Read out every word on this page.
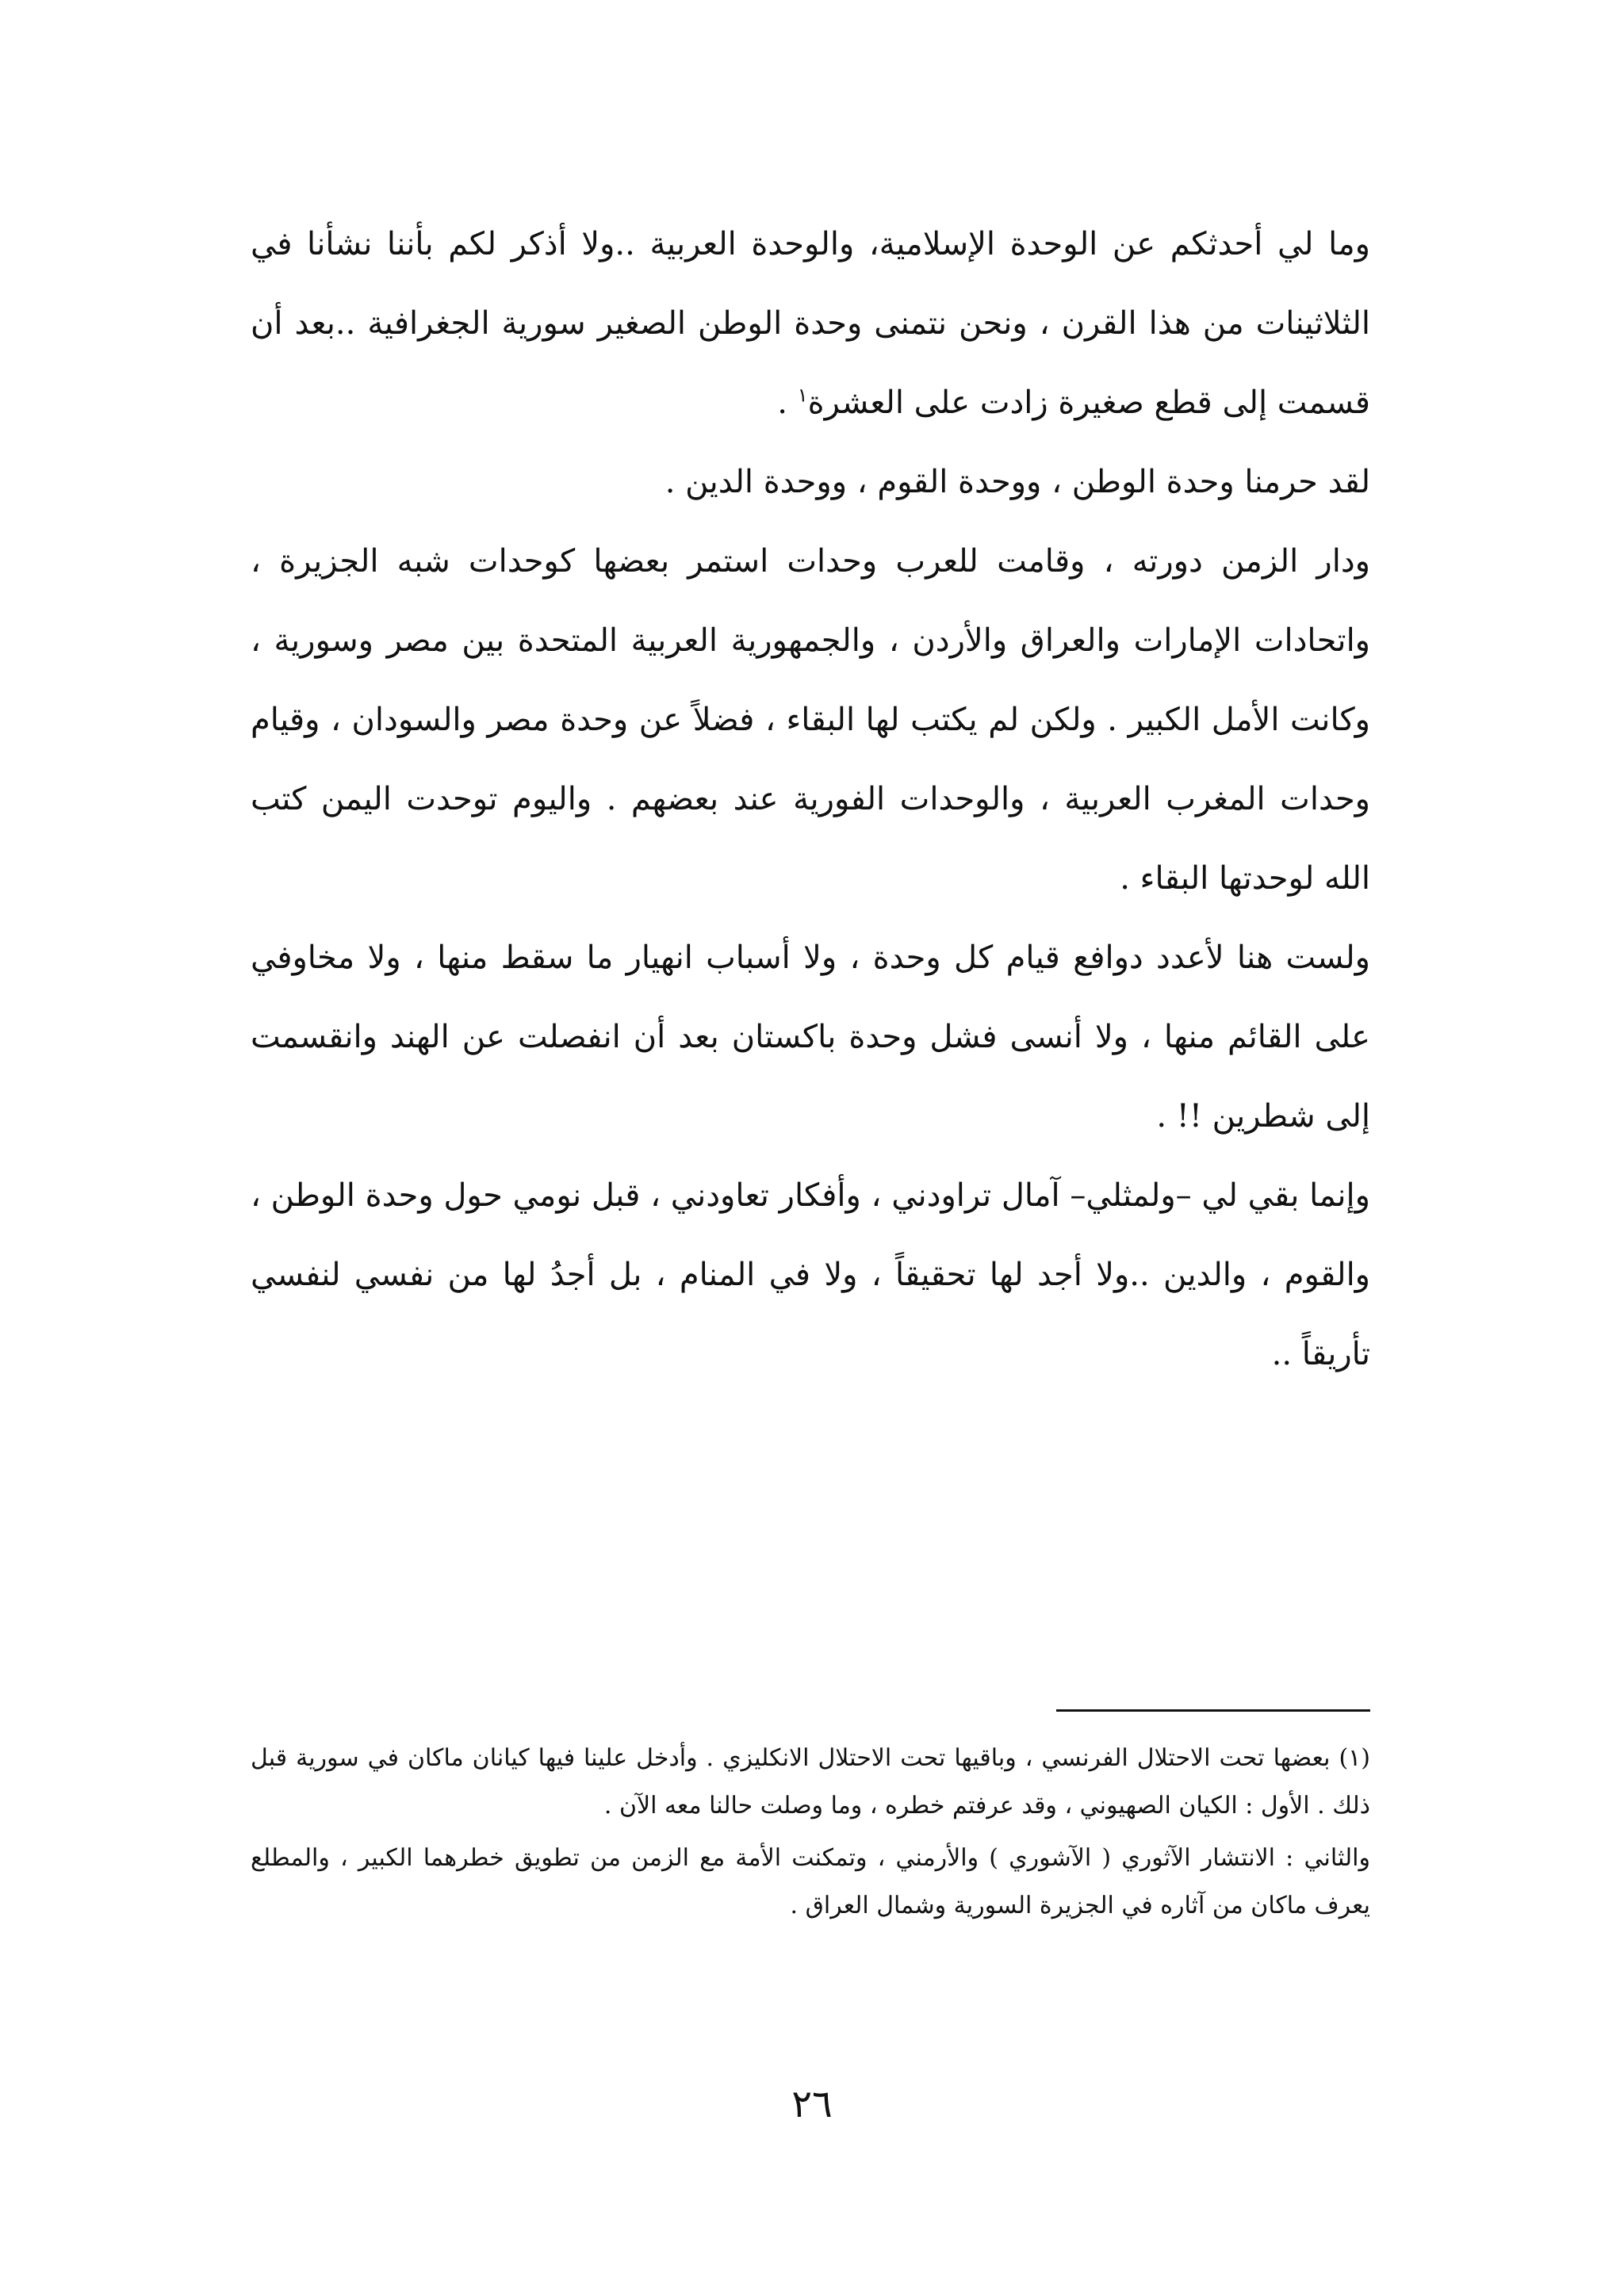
وما لي أحدثكم عن الوحدة الإسلامية، والوحدة العربية ..ولا أذكر لكم بأننا نشأنا في الثلاثينات من هذا القرن ، ونحن نتمنى وحدة الوطن الصغير سورية الجغرافية ..بعد أن قسمت إلى قطع صغيرة زادت على العشرة$^١$ .

لقد حرمنا وحدة الوطن ، ووحدة القوم ، ووحدة الدين .

ودار الزمن دورته ، وقامت للعرب وحدات استمر بعضها كوحدات شبه الجزيرة ، واتحادات الإمارات والعراق والأردن ، والجمهورية العربية المتحدة بين مصر وسورية ، وكانت الأمل الكبير . ولكن لم يكتب لها البقاء ، فضلاً عن وحدة مصر والسودان ، وقيام وحدات المغرب العربية ، والوحدات الفورية عند بعضهم . واليوم توحدت اليمن كتب الله لوحدتها البقاء .

ولست هنا لأعدد دوافع قيام كل وحدة ، ولا أسباب انهيار ما سقط منها ، ولا مخاوفي على القائم منها ، ولا أنسى فشل وحدة باكستان بعد أن انفصلت عن الهند وانقسمت إلى شطرين !! .

وإنما بقي لي –ولمثلي– آمال تراودني ، وأفكار تعاودني ، قبل نومي حول وحدة الوطن ، والقوم ، والدين ..ولا أجد لها تحقيقاً ، ولا في المنام ، بل أجدُ لها من نفسي لنفسي تأريقاً ..

(١) بعضها تحت الاحتلال الفرنسي ، وباقيها تحت الاحتلال الانكليزي . وأدخل علينا فيها كيانان ماكان في سورية قبل ذلك . الأول : الكيان الصهيوني ، وقد عرفتم خطره ، وما وصلت حالنا معه الآن .

والثاني : الانتشار الآثوري ( الآشوري ) والأرمني ، وتمكنت الأمة مع الزمن من تطويق خطرهما الكبير ، والمطلع يعرف ماكان من آثاره في الجزيرة السورية وشمال العراق .

٢٦
